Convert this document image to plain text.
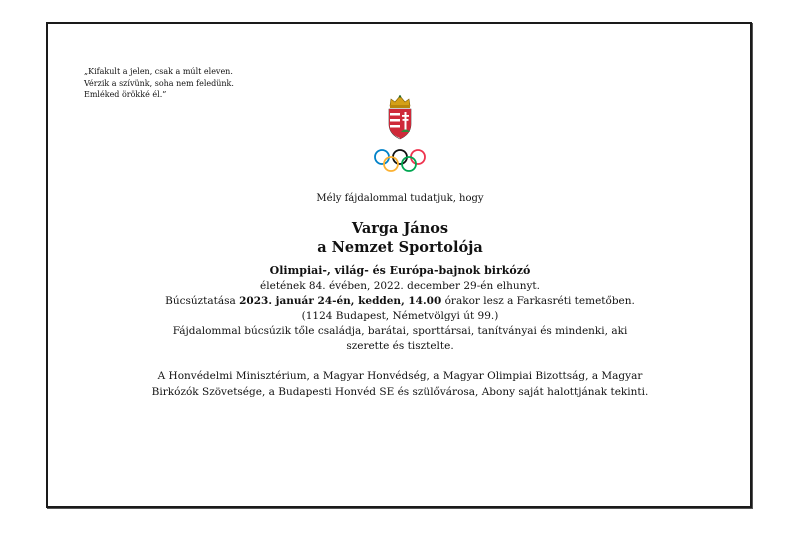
„Kifakult a jelen, csak a múlt eleven.
Vérzik a szívünk, soha nem feledünk.
Emléked örökké él.”
Mély fájdalommal tudatjuk, hogy
Varga János
a Nemzet Sportolója
Olimpiai-, világ- és Európa-bajnok birkózó
életének 84. évében, 2022. december 29-én elhunyt.
Búcsúztatása 2023. január 24-én, kedden, 14.00 órakor lesz a Farkasréti temetőben.
(1124 Budapest, Németvölgyi út 99.)
Fájdalommal búcsúzik tőle családja, barátai, sporttársai, tanítványai és mindenki, aki
szerette és tisztelte.
A Honvédelmi Minisztérium, a Magyar Honvédség, a Magyar Olimpiai Bizottság, a Magyar
Birkózók Szövetsége, a Budapesti Honvéd SE és szülővárosa, Abony saját halottjának tekinti.
